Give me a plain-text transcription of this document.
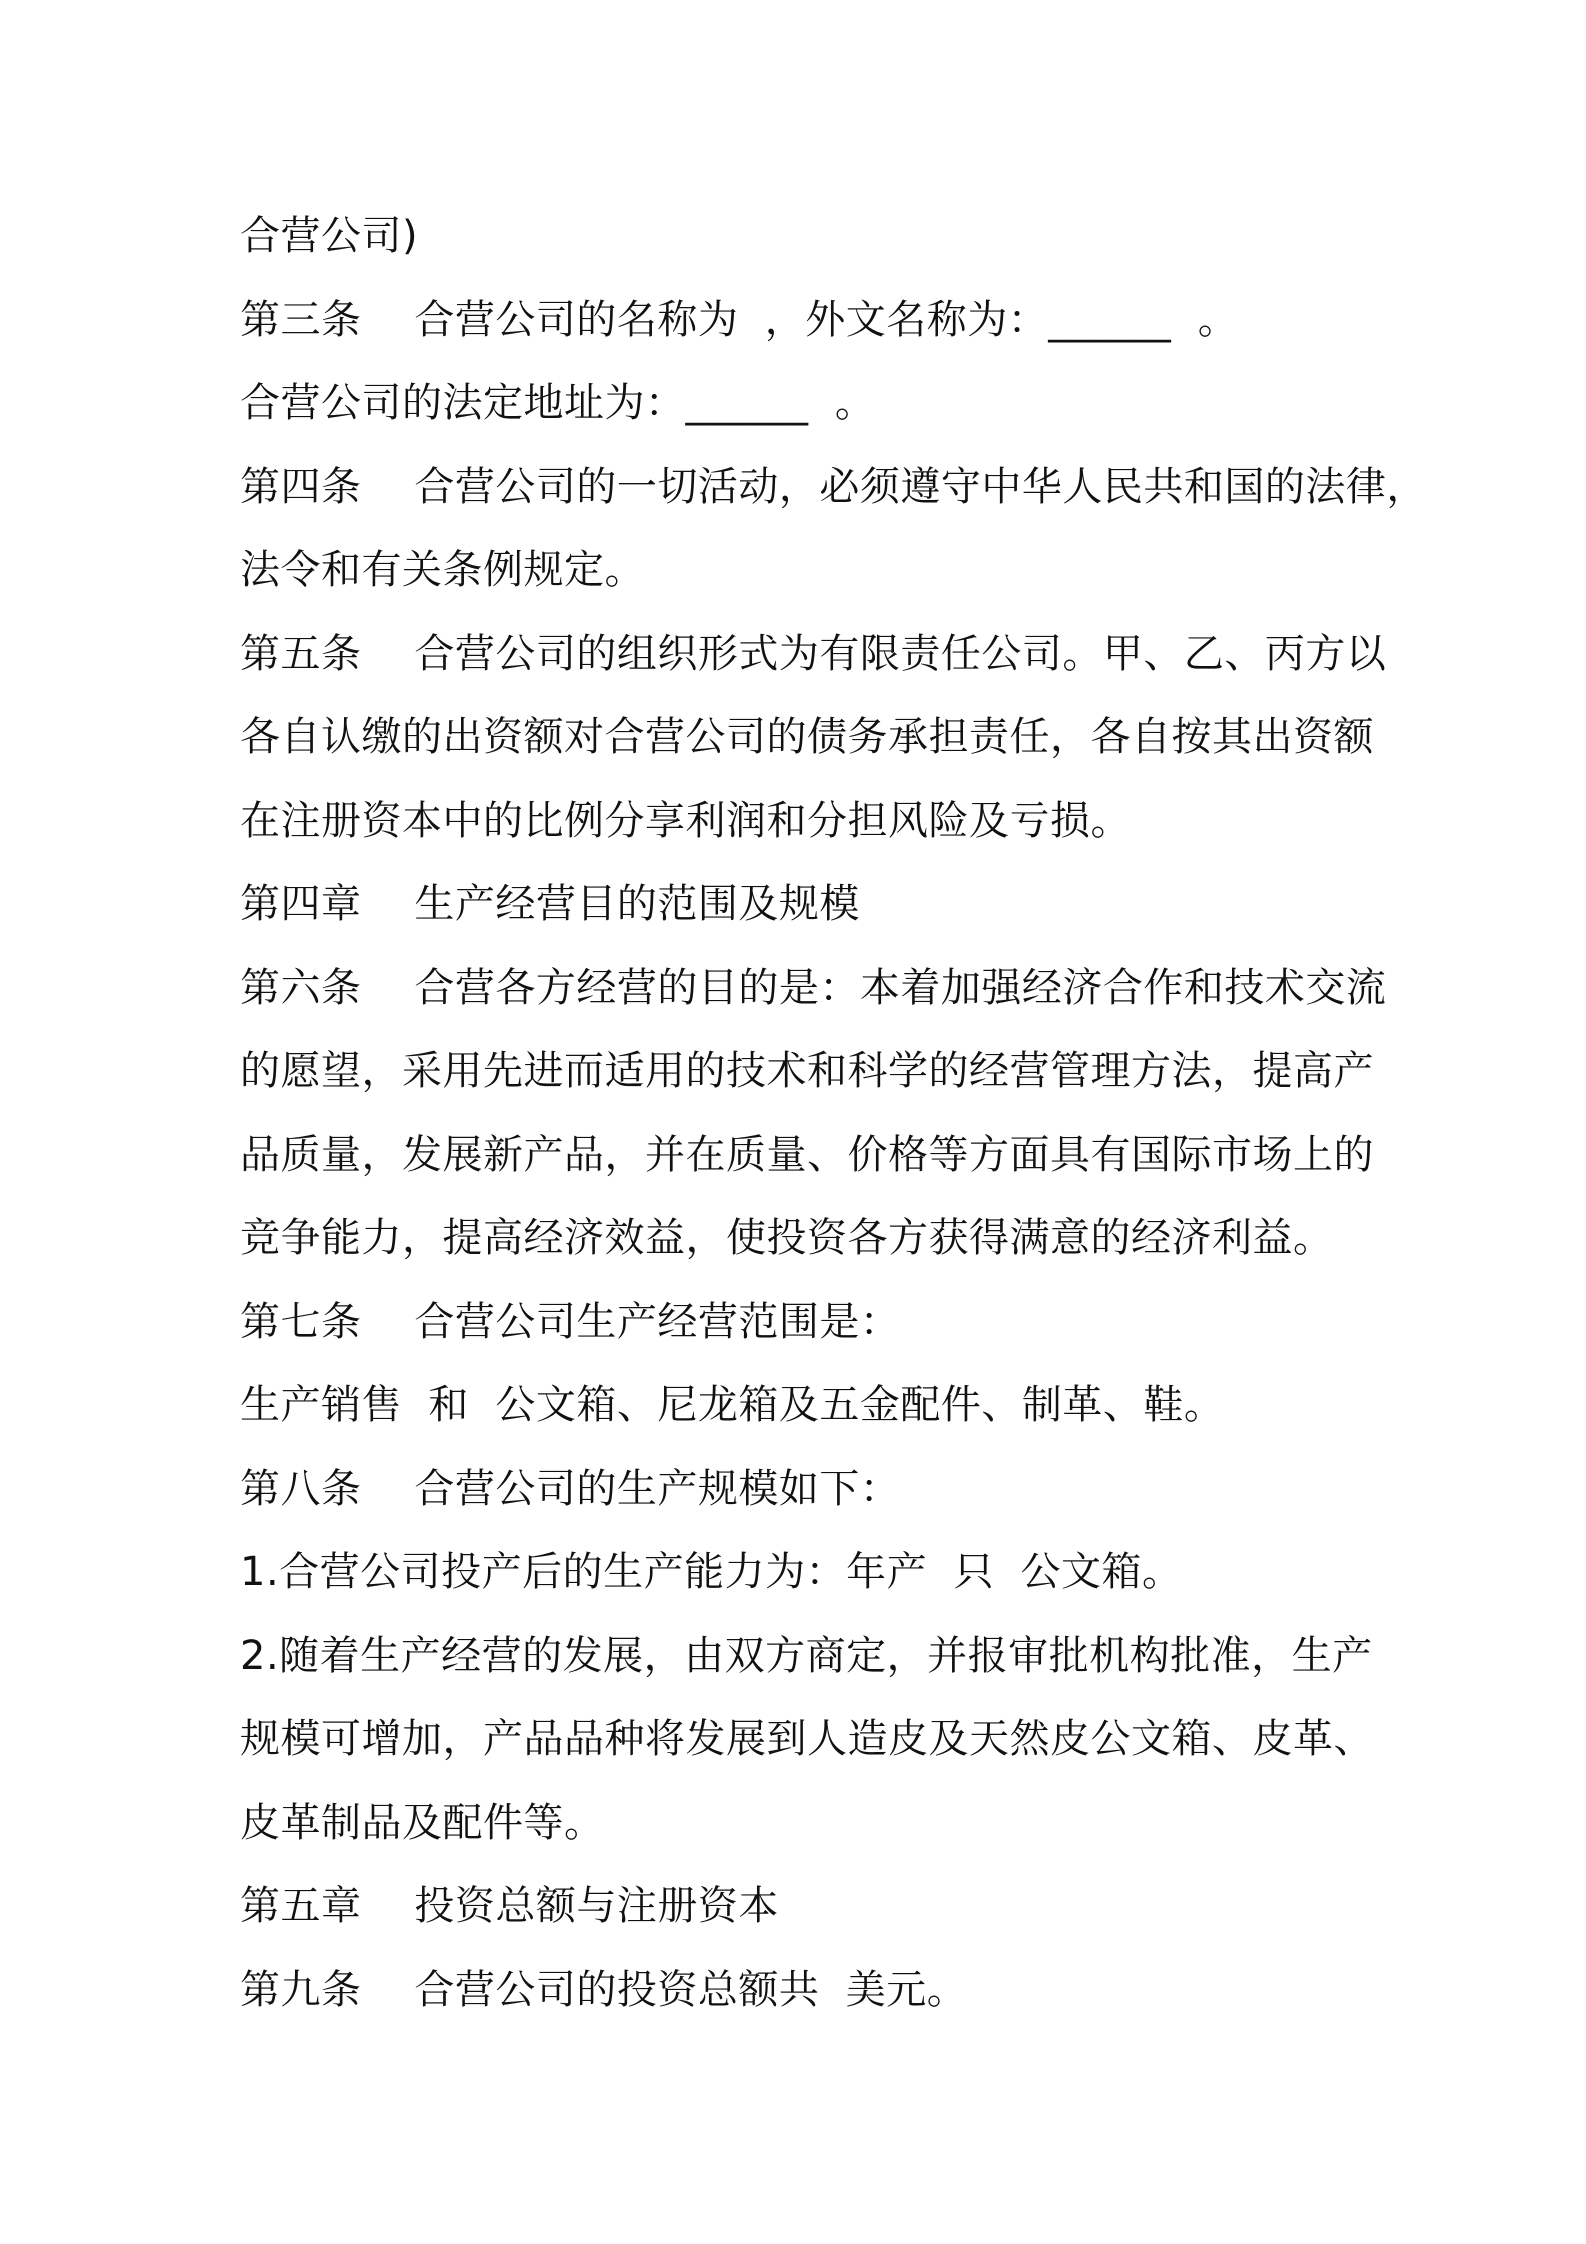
合营公司)
第三条    合营公司的名称为  ，外文名称为：______  。
合营公司的法定地址为：______  。
第四条    合营公司的一切活动，必须遵守中华人民共和国的法律，
法令和有关条例规定。
第五条    合营公司的组织形式为有限责任公司。甲、乙、丙方以
各自认缴的出资额对合营公司的债务承担责任，各自按其出资额
在注册资本中的比例分享利润和分担风险及亏损。
第四章    生产经营目的范围及规模
第六条    合营各方经营的目的是：本着加强经济合作和技术交流
的愿望，采用先进而适用的技术和科学的经营管理方法，提高产
品质量，发展新产品，并在质量、价格等方面具有国际市场上的
竞争能力，提高经济效益，使投资各方获得满意的经济利益。
第七条    合营公司生产经营范围是：
生产销售  和  公文箱、尼龙箱及五金配件、制革、鞋。
第八条    合营公司的生产规模如下：
1.合营公司投产后的生产能力为：年产  只  公文箱。
2.随着生产经营的发展，由双方商定，并报审批机构批准，生产
规模可增加，产品品种将发展到人造皮及天然皮公文箱、皮革、
皮革制品及配件等。
第五章    投资总额与注册资本
第九条    合营公司的投资总额共  美元。
